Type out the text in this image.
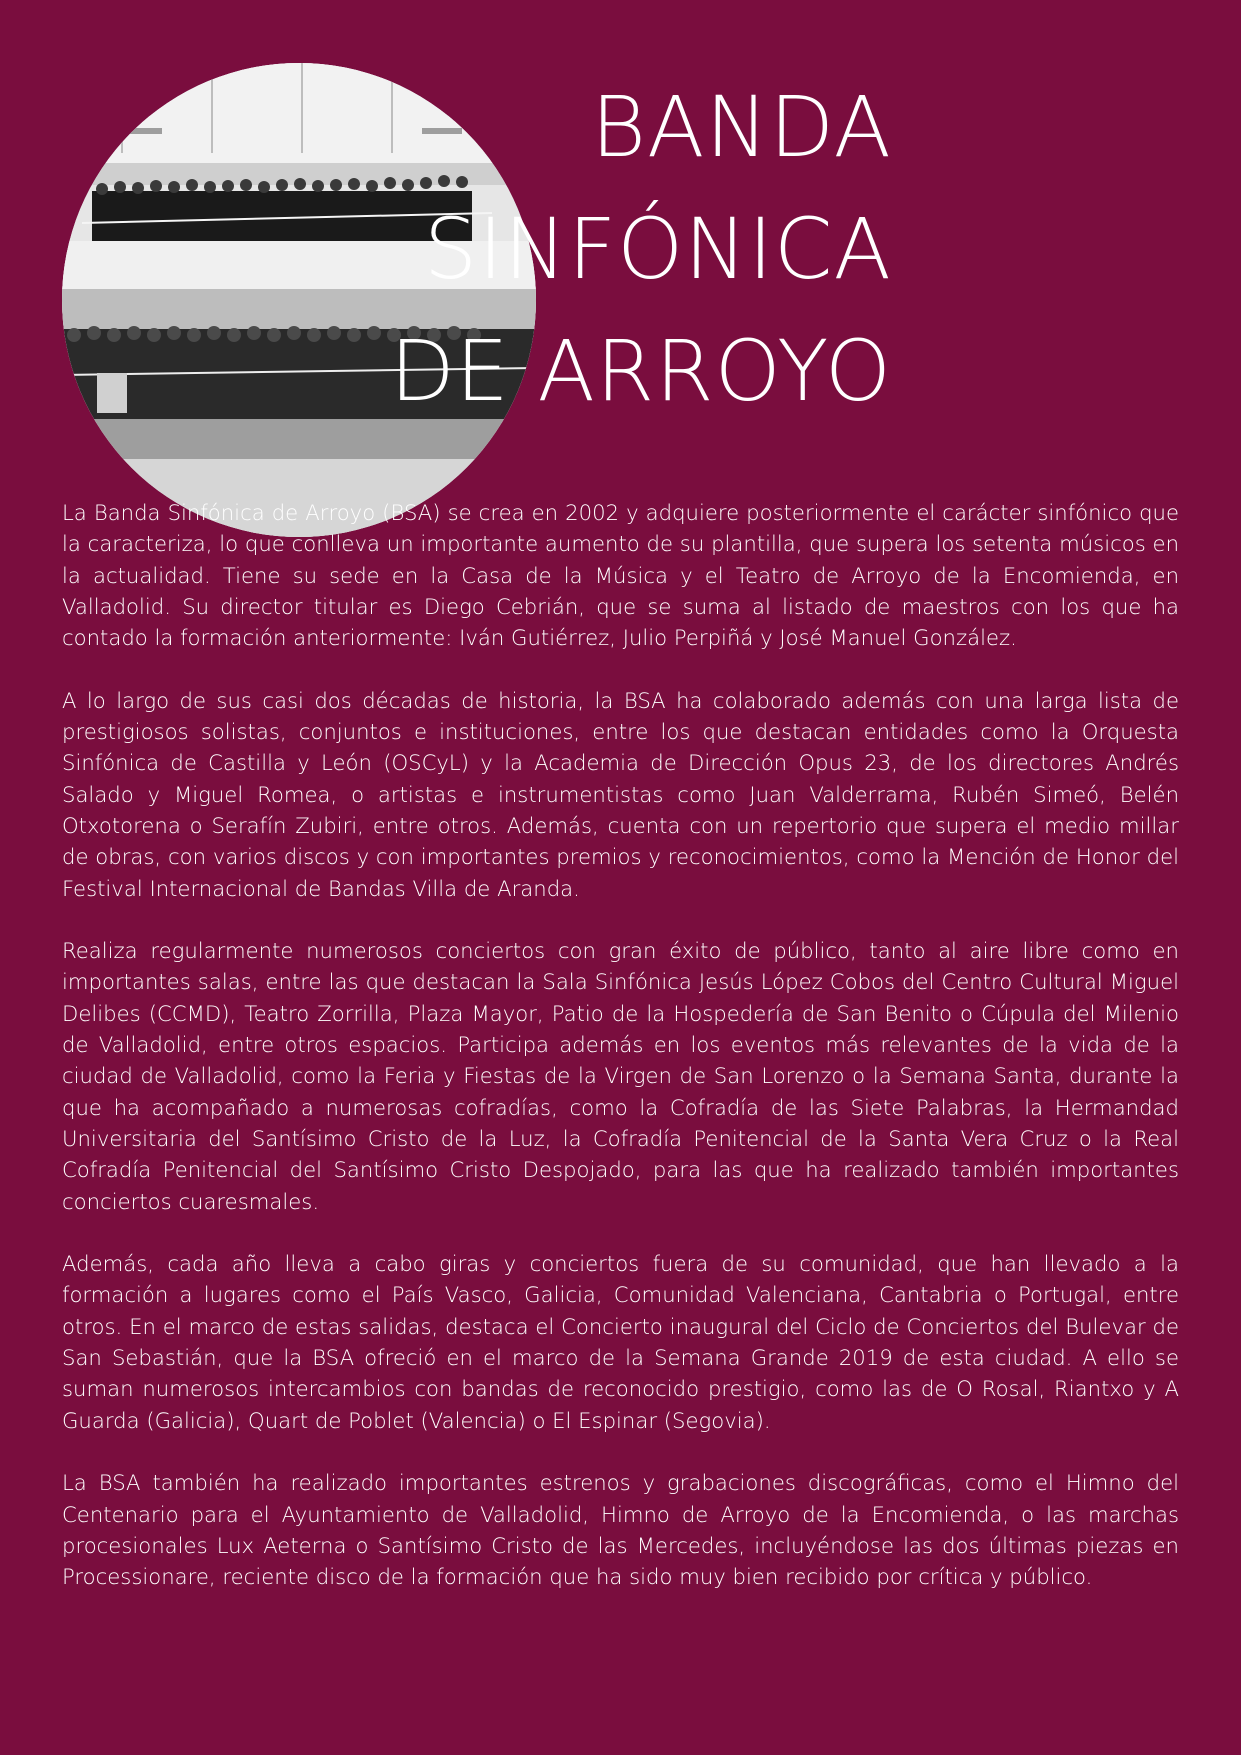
BANDA
SINFÓNICA
DE ARROYO

La Banda Sinfónica de Arroyo (BSA) se crea en 2002 y adquiere posteriormente el carácter sinfónico que la caracteriza, lo que conlleva un importante aumento de su plantilla, que supera los setenta músicos en la actualidad. Tiene su sede en la Casa de la Música y el Teatro de Arroyo de la Encomienda, en Valladolid. Su director titular es Diego Cebrián, que se suma al listado de maestros con los que ha contado la formación anteriormente: Iván Gutiérrez, Julio Perpiñá y José Manuel González.

A lo largo de sus casi dos décadas de historia, la BSA ha colaborado además con una larga lista de prestigiosos solistas, conjuntos e instituciones, entre los que destacan entidades como la Orquesta Sinfónica de Castilla y León (OSCyL) y la Academia de Dirección Opus 23, de los directores Andrés Salado y Miguel Romea, o artistas e instrumentistas como Juan Valderrama, Rubén Simeó, Belén Otxotorena o Serafín Zubiri, entre otros. Además, cuenta con un repertorio que supera el medio millar de obras, con varios discos y con importantes premios y reconocimientos, como la Mención de Honor del Festival Internacional de Bandas Villa de Aranda.

Realiza regularmente numerosos conciertos con gran éxito de público, tanto al aire libre como en importantes salas, entre las que destacan la Sala Sinfónica Jesús López Cobos del Centro Cultural Miguel Delibes (CCMD), Teatro Zorrilla, Plaza Mayor, Patio de la Hospedería de San Benito o Cúpula del Milenio de Valladolid, entre otros espacios. Participa además en los eventos más relevantes de la vida de la ciudad de Valladolid, como la Feria y Fiestas de la Virgen de San Lorenzo o la Semana Santa, durante la que ha acompañado a numerosas cofradías, como la Cofradía de las Siete Palabras, la Hermandad Universitaria del Santísimo Cristo de la Luz, la Cofradía Penitencial de la Santa Vera Cruz o la Real Cofradía Penitencial del Santísimo Cristo Despojado, para las que ha realizado también importantes conciertos cuaresmales.

Además, cada año lleva a cabo giras y conciertos fuera de su comunidad, que han llevado a la formación a lugares como el País Vasco, Galicia, Comunidad Valenciana, Cantabria o Portugal, entre otros. En el marco de estas salidas, destaca el Concierto inaugural del Ciclo de Conciertos del Bulevar de San Sebastián, que la BSA ofreció en el marco de la Semana Grande 2019 de esta ciudad. A ello se suman numerosos intercambios con bandas de reconocido prestigio, como las de O Rosal, Riantxo y A Guarda (Galicia), Quart de Poblet (Valencia) o El Espinar (Segovia).

La BSA también ha realizado importantes estrenos y grabaciones discográficas, como el Himno del Centenario para el Ayuntamiento de Valladolid, Himno de Arroyo de la Encomienda, o las marchas procesionales Lux Aeterna o Santísimo Cristo de las Mercedes, incluyéndose las dos últimas piezas en Processionare, reciente disco de la formación que ha sido muy bien recibido por crítica y público.
